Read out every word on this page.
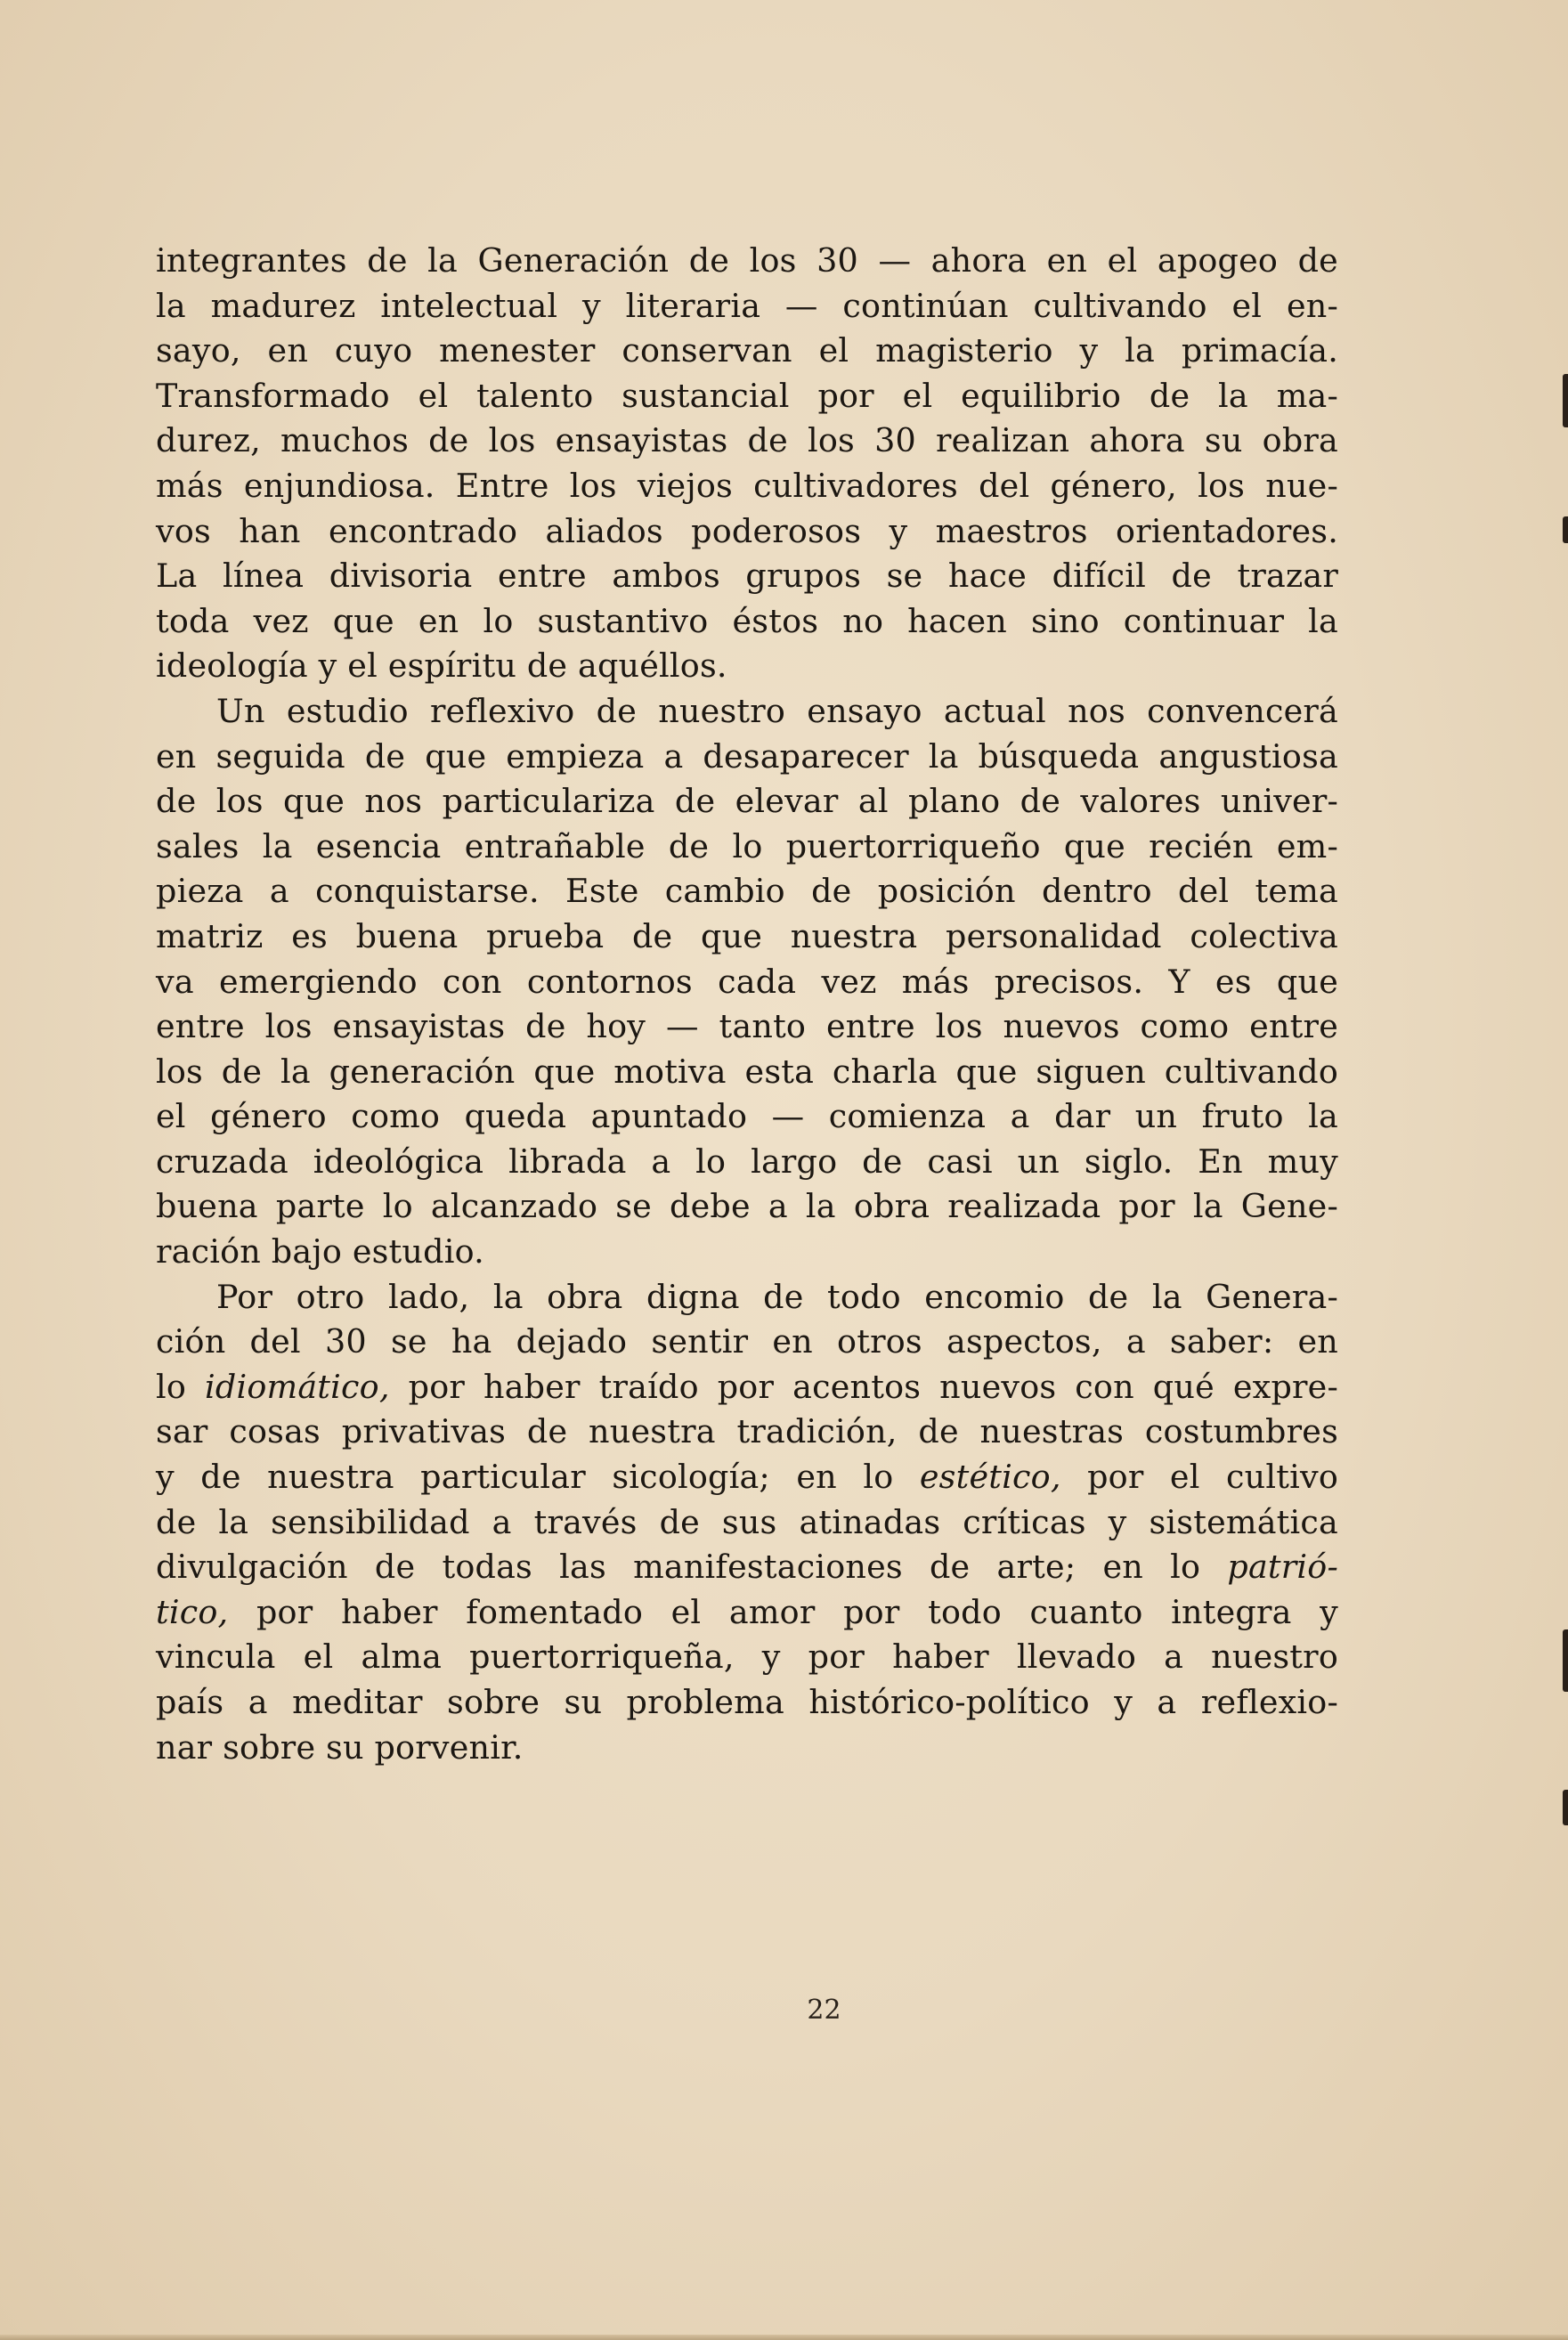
integrantes de la Generación de los 30 — ahora en el apogeo de
la madurez intelectual y literaria — continúan cultivando el en-
sayo, en cuyo menester conservan el magisterio y la primacía.
Transformado el talento sustancial por el equilibrio de la ma-
durez, muchos de los ensayistas de los 30 realizan ahora su obra
más enjundiosa. Entre los viejos cultivadores del género, los nue-
vos han encontrado aliados poderosos y maestros orientadores.
La línea divisoria entre ambos grupos se hace difícil de trazar
toda vez que en lo sustantivo éstos no hacen sino continuar la
ideología y el espíritu de aquéllos.
Un estudio reflexivo de nuestro ensayo actual nos convencerá
en seguida de que empieza a desaparecer la búsqueda angustiosa
de los que nos particulariza de elevar al plano de valores univer-
sales la esencia entrañable de lo puertorriqueño que recién em-
pieza a conquistarse. Este cambio de posición dentro del tema
matriz es buena prueba de que nuestra personalidad colectiva
va emergiendo con contornos cada vez más precisos. Y es que
entre los ensayistas de hoy — tanto entre los nuevos como entre
los de la generación que motiva esta charla que siguen cultivando
el género como queda apuntado — comienza a dar un fruto la
cruzada ideológica librada a lo largo de casi un siglo. En muy
buena parte lo alcanzado se debe a la obra realizada por la Gene-
ración bajo estudio.
Por otro lado, la obra digna de todo encomio de la Genera-
ción del 30 se ha dejado sentir en otros aspectos, a saber: en
lo idiomático, por haber traído por acentos nuevos con qué expre-
sar cosas privativas de nuestra tradición, de nuestras costumbres
y de nuestra particular sicología; en lo estético, por el cultivo
de la sensibilidad a través de sus atinadas críticas y sistemática
divulgación de todas las manifestaciones de arte; en lo patrió-
tico, por haber fomentado el amor por todo cuanto integra y
vincula el alma puertorriqueña, y por haber llevado a nuestro
país a meditar sobre su problema histórico-político y a reflexio-
nar sobre su porvenir.
22
